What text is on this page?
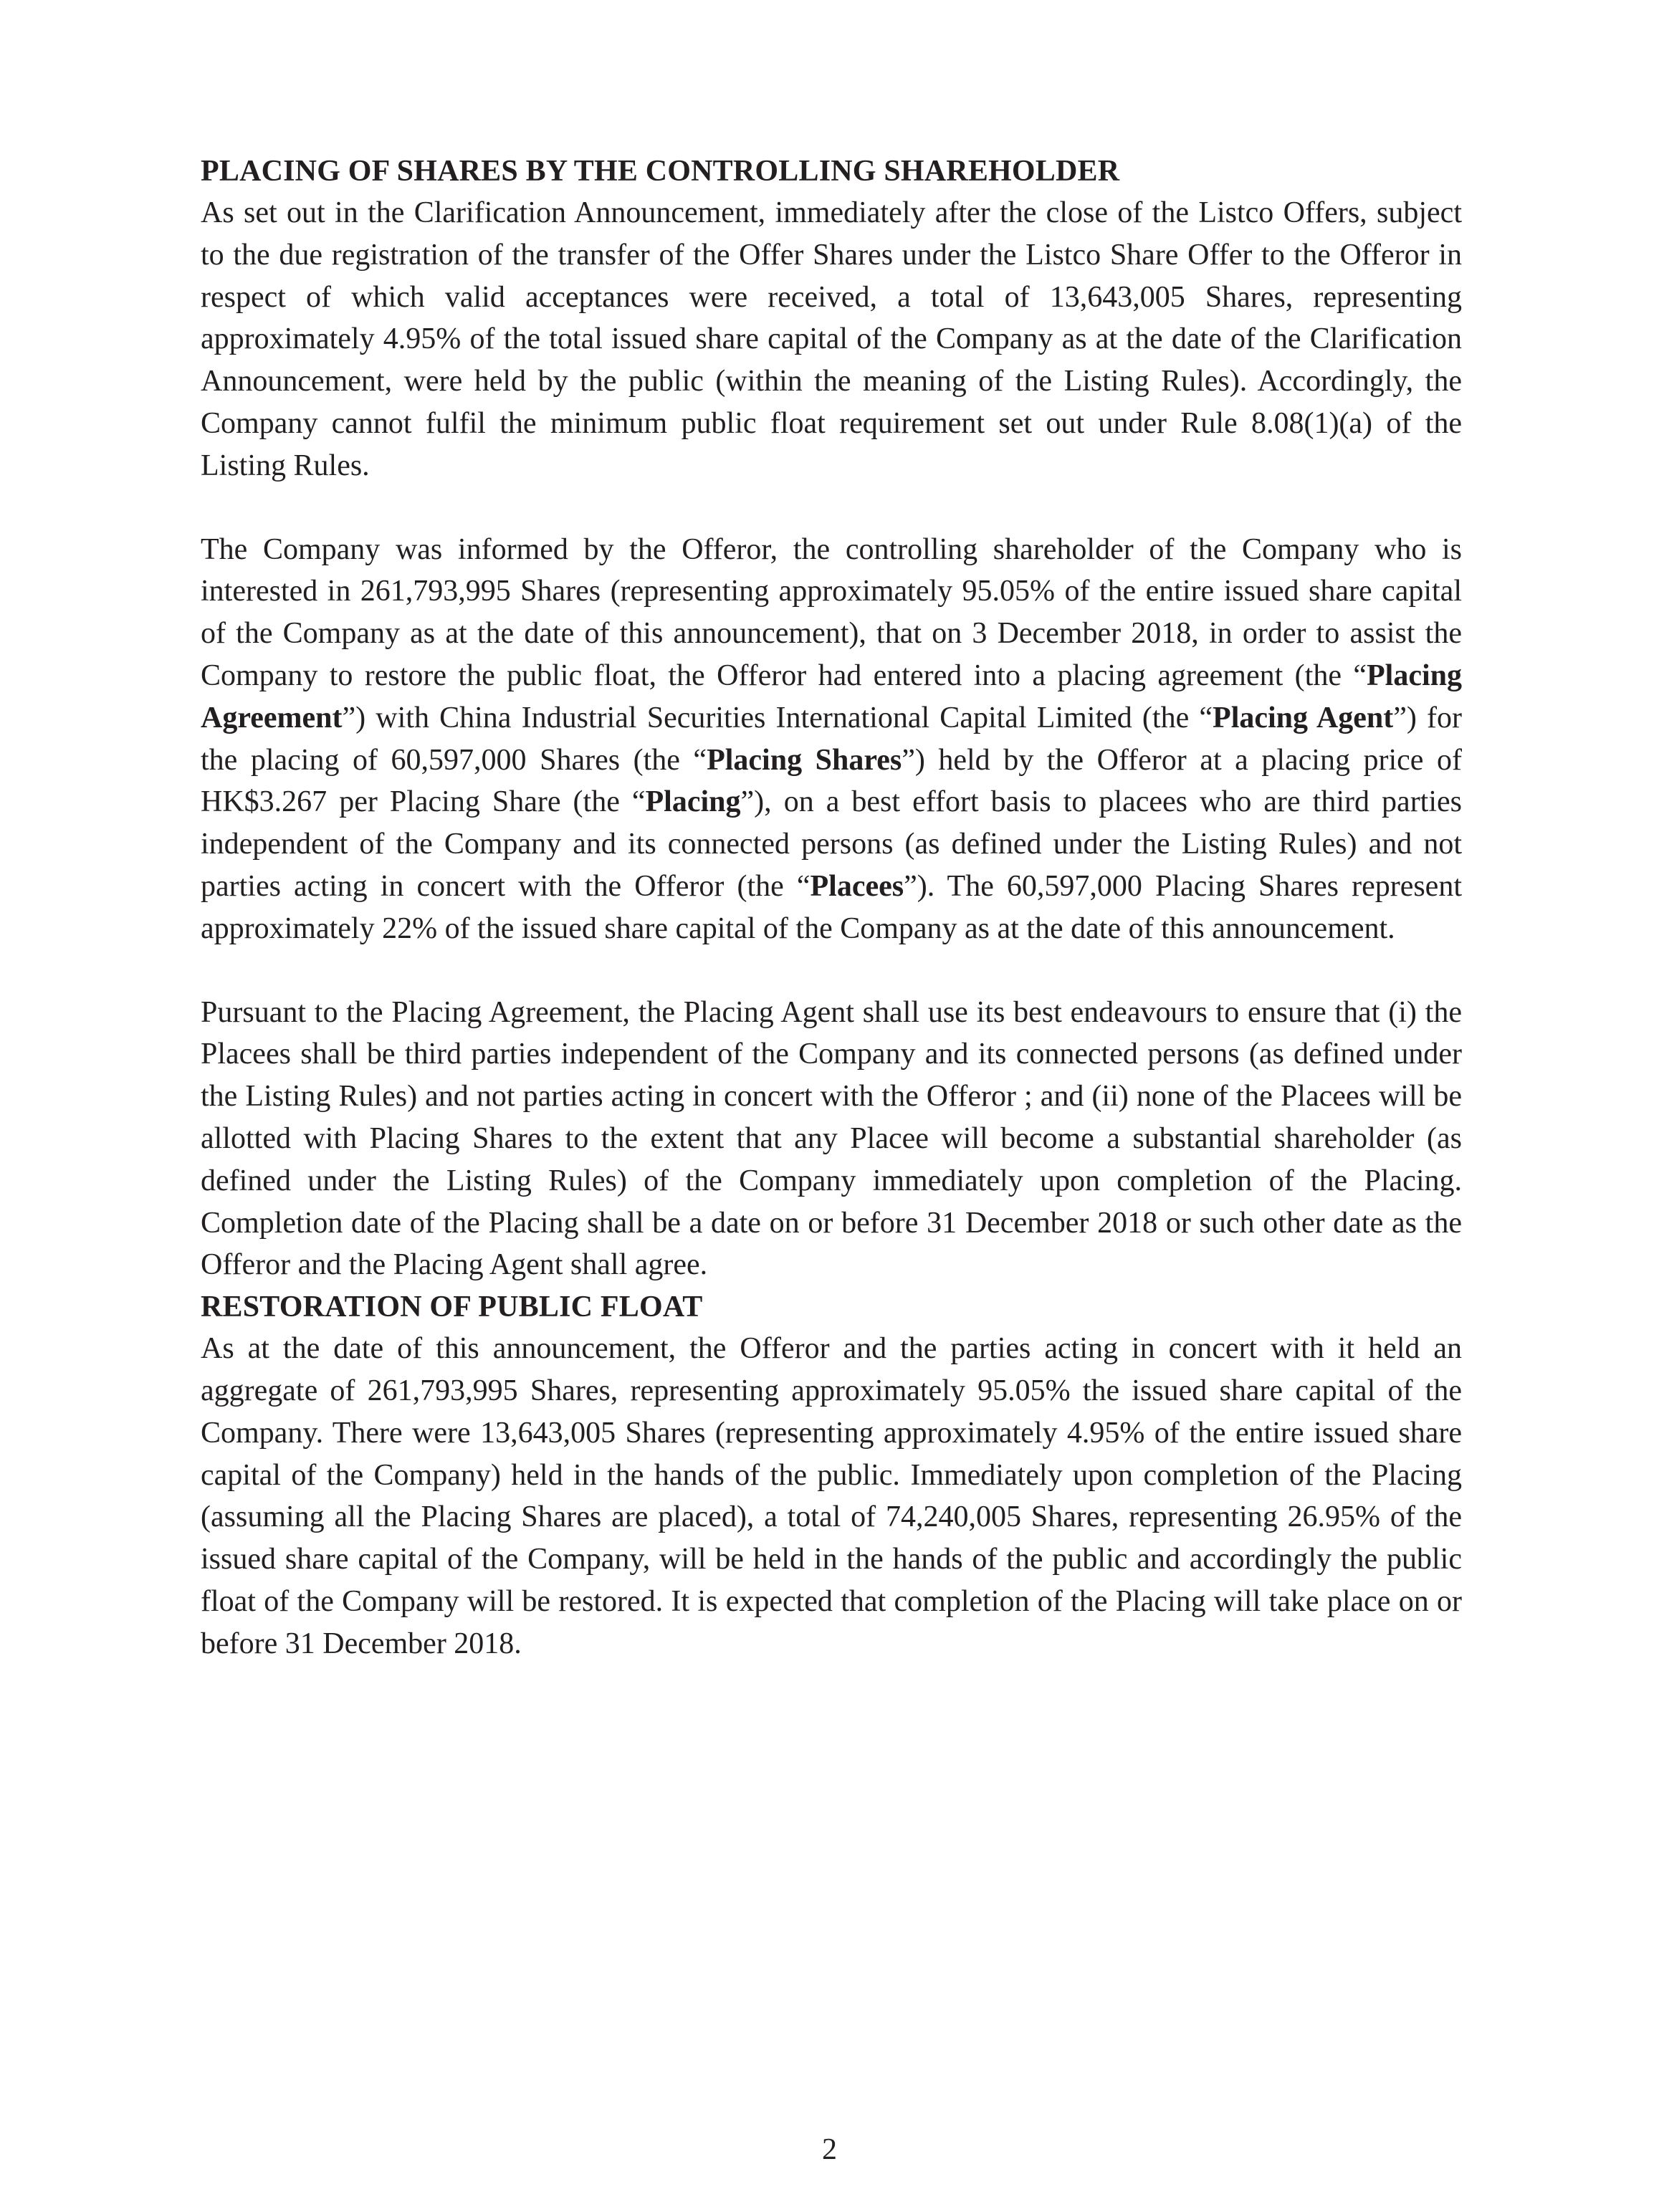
PLACING OF SHARES BY THE CONTROLLING SHAREHOLDER

As set out in the Clarification Announcement, immediately after the close of the Listco Offers, subject to the due registration of the transfer of the Offer Shares under the Listco Share Offer to the Offeror in respect of which valid acceptances were received, a total of 13,643,005 Shares, representing approximately 4.95% of the total issued share capital of the Company as at the date of the Clarification Announcement, were held by the public (within the meaning of the Listing Rules). Accordingly, the Company cannot fulfil the minimum public float requirement set out under Rule 8.08(1)(a) of the Listing Rules.

The Company was informed by the Offeror, the controlling shareholder of the Company who is interested in 261,793,995 Shares (representing approximately 95.05% of the entire issued share capital of the Company as at the date of this announcement), that on 3 December 2018, in order to assist the Company to restore the public float, the Offeror had entered into a placing agreement (the “Placing Agreement”) with China Industrial Securities International Capital Limited (the “Placing Agent”) for the placing of 60,597,000 Shares (the “Placing Shares”) held by the Offeror at a placing price of HK$3.267 per Placing Share (the “Placing”), on a best effort basis to placees who are third parties independent of the Company and its connected persons (as defined under the Listing Rules) and not parties acting in concert with the Offeror (the “Placees”). The 60,597,000 Placing Shares represent approximately 22% of the issued share capital of the Company as at the date of this announcement.

Pursuant to the Placing Agreement, the Placing Agent shall use its best endeavours to ensure that (i) the Placees shall be third parties independent of the Company and its connected persons (as defined under the Listing Rules) and not parties acting in concert with the Offeror ; and (ii) none of the Placees will be allotted with Placing Shares to the extent that any Placee will become a substantial shareholder (as defined under the Listing Rules) of the Company immediately upon completion of the Placing. Completion date of the Placing shall be a date on or before 31 December 2018 or such other date as the Offeror and the Placing Agent shall agree.

RESTORATION OF PUBLIC FLOAT

As at the date of this announcement, the Offeror and the parties acting in concert with it held an aggregate of 261,793,995 Shares, representing approximately 95.05% the issued share capital of the Company. There were 13,643,005 Shares (representing approximately 4.95% of the entire issued share capital of the Company) held in the hands of the public. Immediately upon completion of the Placing (assuming all the Placing Shares are placed), a total of 74,240,005 Shares, representing 26.95% of the issued share capital of the Company, will be held in the hands of the public and accordingly the public float of the Company will be restored. It is expected that completion of the Placing will take place on or before 31 December 2018.

2
